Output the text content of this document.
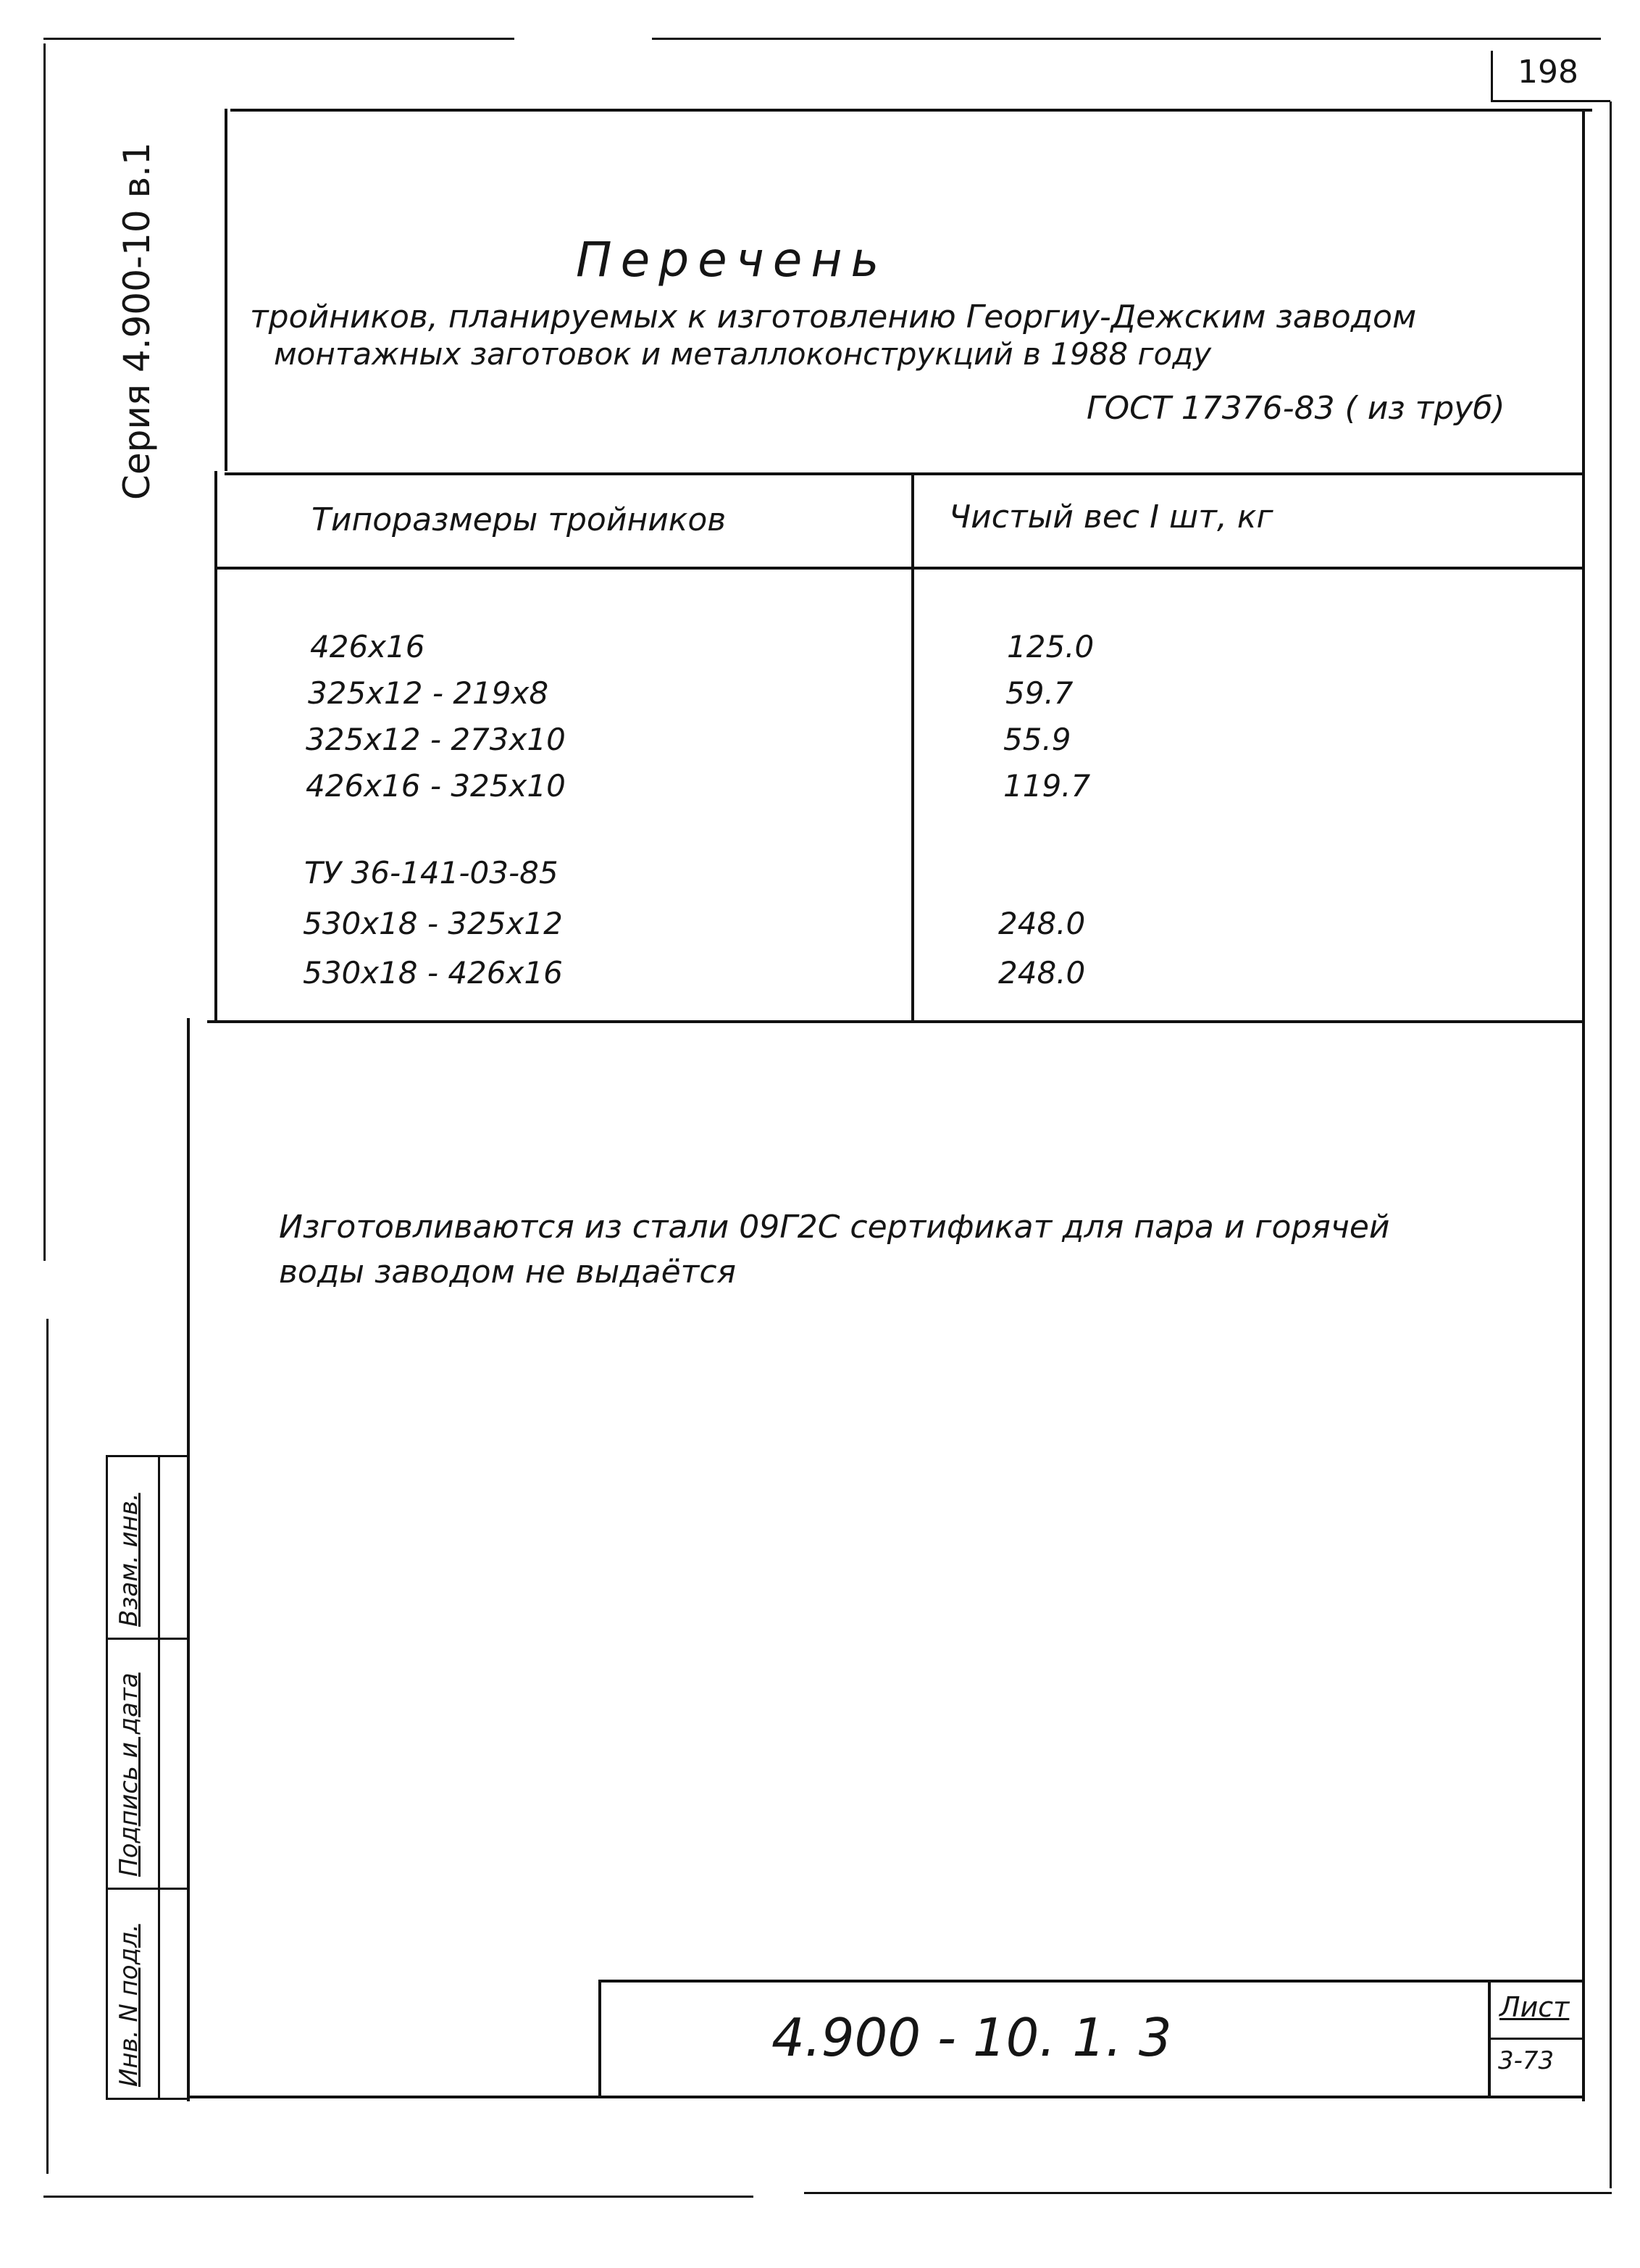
198
Серия 4.900-10 в.1	Перечень
тройников, планируемых к изготовлению Георгиу-Дежским заводом
монтажных заготовок и металлоконструкций в 1988 году
ГОСТ 17376-83 ( из труб)
Типоразмеры тройников	Чистый вес I шт, кг
426х16	125.0
325х12 - 219х8	59.7
325х12 - 273х10	55.9
426х16 - 325х10	119.7
ТУ 36-141-03-85
530х18 - 325х12	248.0
530х18 - 426х16	248.0
Изготовливаются из стали 09Г2С сертификат для пара и горячей
воды заводом не выдаётся
Инв. N подл.
Подпись и дата
Взам. инв.
4.900 - 10. 1. 3	Лист
3-73
